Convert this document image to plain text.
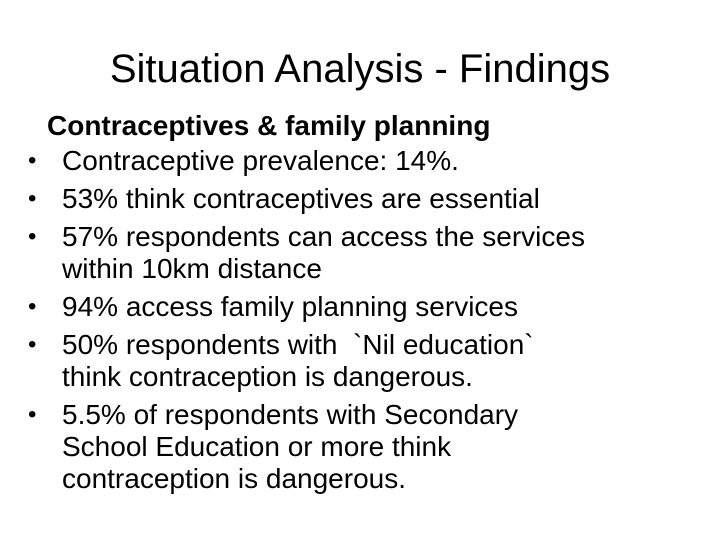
Situation Analysis - Findings
Contraceptives & family planning
• Contraceptive prevalence: 14%.
• 53% think contraceptives are essential
• 57% respondents can access the services
within 10km distance
• 94% access family planning services
• 50% respondents with  `Nil education`
think contraception is dangerous.
• 5.5% of respondents with Secondary
School Education or more think
contraception is dangerous.
